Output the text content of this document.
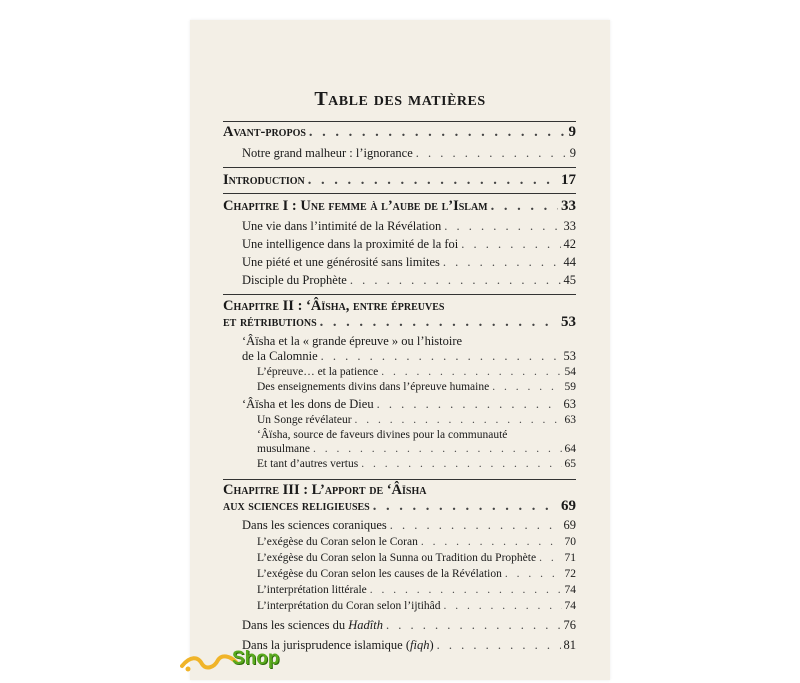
Table des matières
Avant-propos . . .	9
Notre grand malheur : l’ignorance . . .	9
Introduction . . .	17
Chapitre I : Une femme à l’aube de l’Islam . . .	33
Une vie dans l’intimité de la Révélation . . .	33
Une intelligence dans la proximité de la foi . . .	42
Une piété et une générosité sans limites . . .	44
Disciple du Prophète . . .	45
Chapitre II : ‘Âïsha, entre épreuves
et rétributions . . .	53
‘Âïsha et la « grande épreuve » ou l’histoire
de la Calomnie . . .	53
L’épreuve… et la patience . . .	54
Des enseignements divins dans l’épreuve humaine . . .	59
‘Âïsha et les dons de Dieu . . .	63
Un Songe révélateur . . .	63
‘Âïsha, source de faveurs divines pour la communauté
musulmane . . .	64
Et tant d’autres vertus . . .	65
Chapitre III : L’apport de ‘Âïsha
aux sciences religieuses . . .	69
Dans les sciences coraniques . . .	69
L’exégèse du Coran selon le Coran . . .	70
L’exégèse du Coran selon la Sunna ou Tradition du Prophète . . . 71
L’exégèse du Coran selon les causes de la Révélation . . .	72
L’interprétation littérale . . .	74
L’interprétation du Coran selon l’ijtihâd . . .	74
Dans les sciences du Hadîth . . .	76
Dans la jurisprudence islamique (fiqh) . . .	81
Shop
